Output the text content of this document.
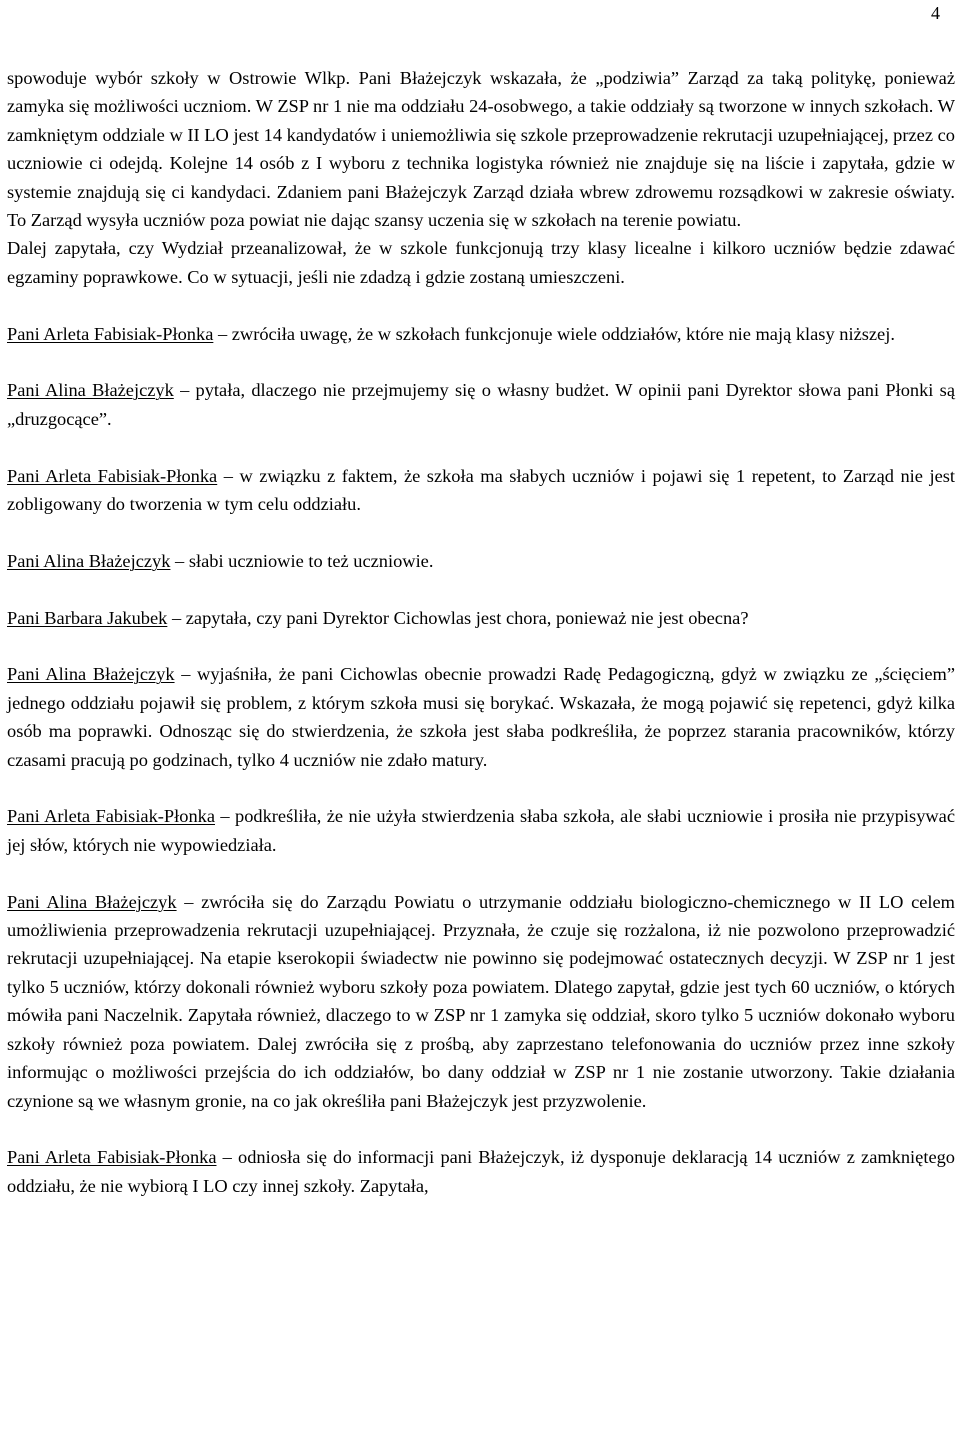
4

spowoduje wybór szkoły w Ostrowie Wlkp. Pani Błażejczyk wskazała, że „podziwia” Zarząd za taką politykę, ponieważ zamyka się możliwości uczniom. W ZSP nr 1 nie ma oddziału 24-osobwego, a takie oddziały są tworzone w innych szkołach. W zamkniętym oddziale w II LO jest 14 kandydatów i uniemożliwia się szkole przeprowadzenie rekrutacji uzupełniającej, przez co uczniowie ci odejdą. Kolejne 14 osób z I wyboru z technika logistyka również nie znajduje się na liście i zapytała, gdzie w systemie znajdują się ci kandydaci. Zdaniem pani Błażejczyk Zarząd działa wbrew zdrowemu rozsądkowi w zakresie oświaty. To Zarząd wysyła uczniów poza powiat nie dając szansy uczenia się w szkołach na terenie powiatu.

Dalej zapytała, czy Wydział przeanalizował, że w szkole funkcjonują trzy klasy licealne i kilkoro uczniów będzie zdawać egzaminy poprawkowe. Co w sytuacji, jeśli nie zdadzą i gdzie zostaną umieszczeni.

Pani Arleta Fabisiak-Płonka – zwróciła uwagę, że w szkołach funkcjonuje wiele oddziałów, które nie mają klasy niższej.

Pani Alina Błażejczyk – pytała, dlaczego nie przejmujemy się o własny budżet. W opinii pani Dyrektor słowa pani Płonki są „druzgocące”.

Pani Arleta Fabisiak-Płonka – w związku z faktem, że szkoła ma słabych uczniów i pojawi się 1 repetent, to Zarząd nie jest zobligowany do tworzenia w tym celu oddziału.

Pani Alina Błażejczyk – słabi uczniowie to też uczniowie.

Pani Barbara Jakubek – zapytała, czy pani Dyrektor Cichowlas jest chora, ponieważ nie jest obecna?

Pani Alina Błażejczyk – wyjaśniła, że pani Cichowlas obecnie prowadzi Radę Pedagogiczną, gdyż w związku ze „ścięciem” jednego oddziału pojawił się problem, z którym szkoła musi się borykać. Wskazała, że mogą pojawić się repetenci, gdyż kilka osób ma poprawki. Odnosząc się do stwierdzenia, że szkoła jest słaba podkreśliła, że poprzez starania pracowników, którzy czasami pracują po godzinach, tylko 4 uczniów nie zdało matury.

Pani Arleta Fabisiak-Płonka – podkreśliła, że nie użyła stwierdzenia słaba szkoła, ale słabi uczniowie i prosiła nie przypisywać jej słów, których nie wypowiedziała.

Pani Alina Błażejczyk – zwróciła się do Zarządu Powiatu o utrzymanie oddziału biologiczno-chemicznego w II LO celem umożliwienia przeprowadzenia rekrutacji uzupełniającej. Przyznała, że czuje się rozżalona, iż nie pozwolono przeprowadzić rekrutacji uzupełniającej. Na etapie kserokopii świadectw nie powinno się podejmować ostatecznych decyzji. W ZSP nr 1 jest tylko 5 uczniów, którzy dokonali również wyboru szkoły poza powiatem. Dlatego zapytał, gdzie jest tych 60 uczniów, o których mówiła pani Naczelnik. Zapytała również, dlaczego to w ZSP nr 1 zamyka się oddział, skoro tylko 5 uczniów dokonało wyboru szkoły również poza powiatem. Dalej zwróciła się z prośbą, aby zaprzestano telefonowania do uczniów przez inne szkoły informując o możliwości przejścia do ich oddziałów, bo dany oddział w ZSP nr 1 nie zostanie utworzony. Takie działania czynione są we własnym gronie, na co jak określiła pani Błażejczyk jest przyzwolenie.

Pani Arleta Fabisiak-Płonka – odniosła się do informacji pani Błażejczyk, iż dysponuje deklaracją 14 uczniów z zamkniętego oddziału, że nie wybiorą I LO czy innej szkoły. Zapytała,
